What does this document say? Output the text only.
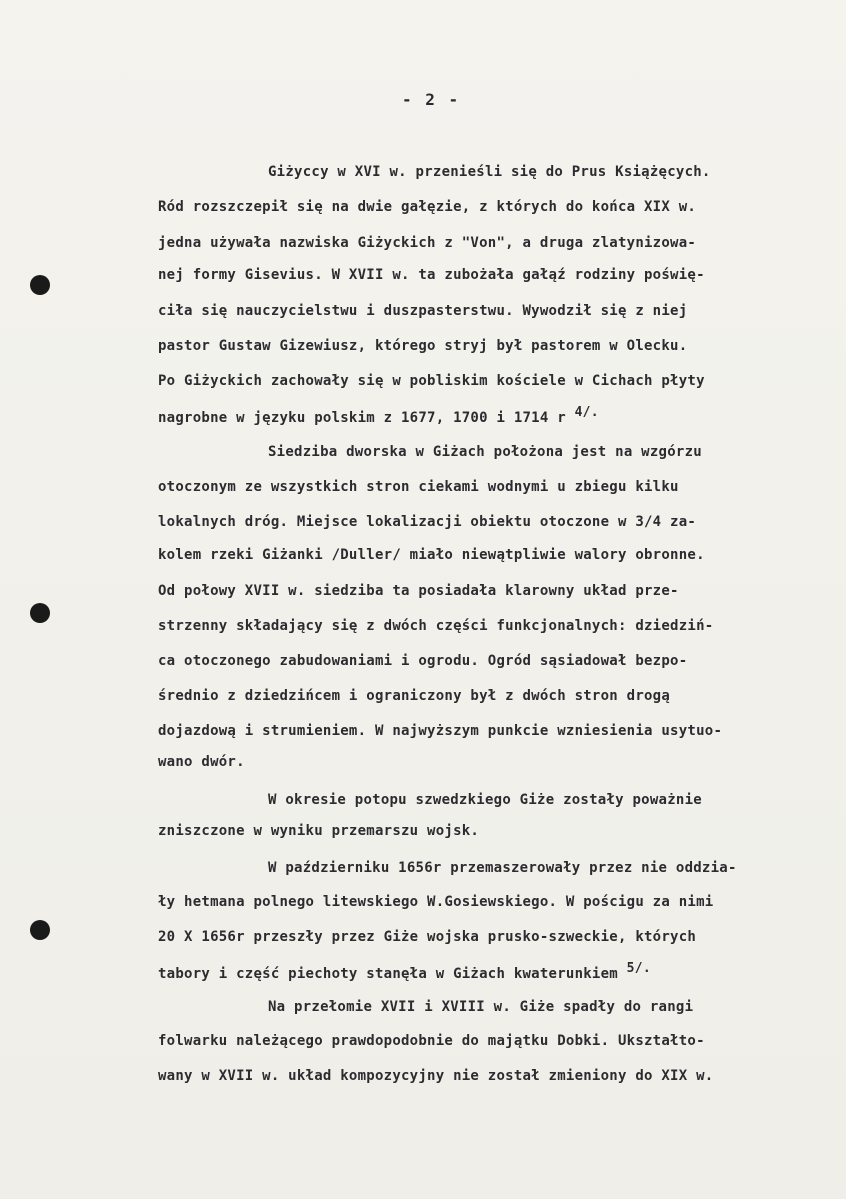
- 2 -
Giżyccy w XVI w. przenieśli się do Prus Książęcych.
Ród rozszczepił się na dwie gałęzie, z których do końca XIX w.
jedna używała nazwiska Giżyckich z "Von", a druga zlatynizowa-
nej formy Gisevius. W XVII w. ta zubożała gałąź rodziny poświę-
ciła się nauczycielstwu i duszpasterstwu. Wywodził się z niej
pastor Gustaw Gizewiusz, którego stryj był pastorem w Olecku.
Po Giżyckich zachowały się w pobliskim kościele w Cichach płyty
nagrobne w języku polskim z 1677, 1700 i 1714 r $^{4/.}$
Siedziba dworska w Giżach położona jest na wzgórzu
otoczonym ze wszystkich stron ciekami wodnymi u zbiegu kilku
lokalnych dróg. Miejsce lokalizacji obiektu otoczone w 3/4 za-
kolem rzeki Giżanki /Duller/ miało niewątpliwie walory obronne.
Od połowy XVII w. siedziba ta posiadała klarowny układ prze-
strzenny składający się z dwóch części funkcjonalnych: dziedziń-
ca otoczonego zabudowaniami i ogrodu. Ogród sąsiadował bezpo-
średnio z dziedzińcem i ograniczony był z dwóch stron drogą
dojazdową i strumieniem. W najwyższym punkcie wzniesienia usytuo-
wano dwór.
W okresie potopu szwedzkiego Giże zostały poważnie
zniszczone w wyniku przemarszu wojsk.
W październiku 1656r przemaszerowały przez nie oddzia-
ły hetmana polnego litewskiego W.Gosiewskiego. W pościgu za nimi
20 X 1656r przeszły przez Giże wojska prusko-szweckie, których
tabory i część piechoty stanęła w Giżach kwaterunkiem $^{5/.}$
Na przełomie XVII i XVIII w. Giże spadły do rangi
folwarku należącego prawdopodobnie do majątku Dobki. Ukształto-
wany w XVII w. układ kompozycyjny nie został zmieniony do XIX w.
